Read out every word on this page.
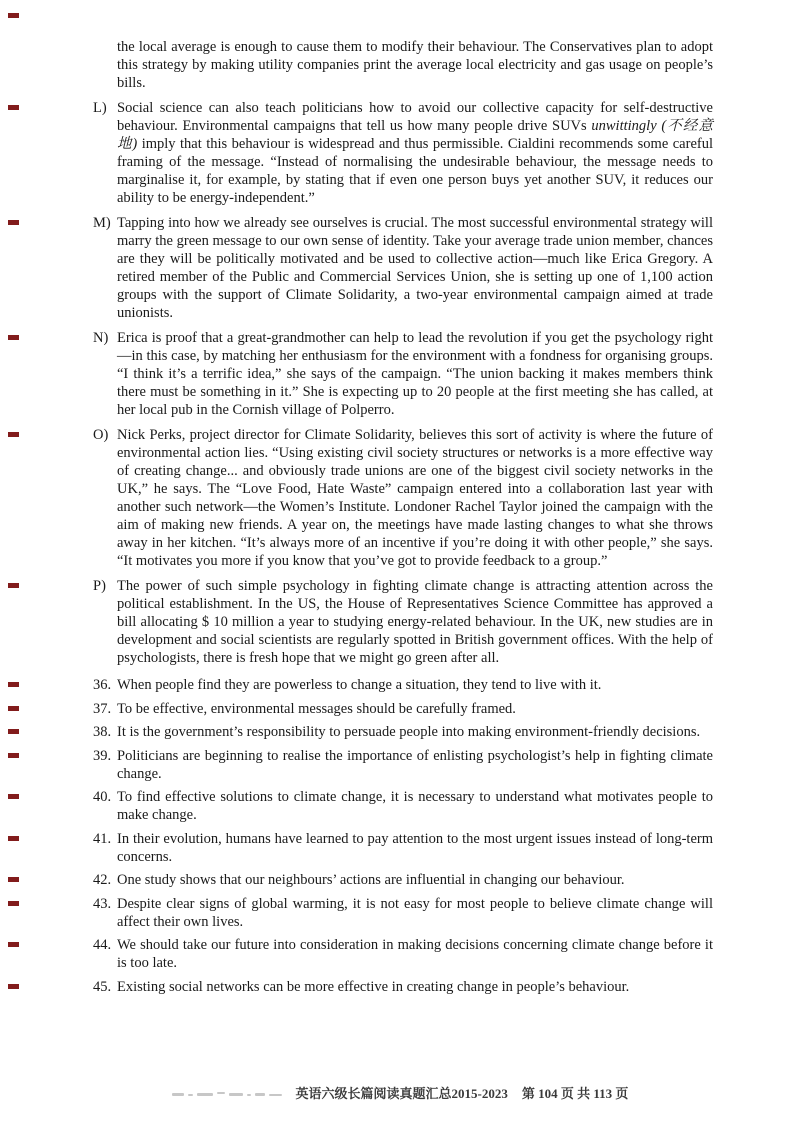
the local average is enough to cause them to modify their behaviour. The Conservatives plan to adopt this strategy by making utility companies print the average local electricity and gas usage on people’s bills.
L) Social science can also teach politicians how to avoid our collective capacity for self-destructive behaviour. Environmental campaigns that tell us how many people drive SUVs unwittingly (不经意地) imply that this behaviour is widespread and thus permissible. Cialdini recommends some careful framing of the message. “Instead of normalising the undesirable behaviour, the message needs to marginalise it, for example, by stating that if even one person buys yet another SUV, it reduces our ability to be energy-independent.”
M) Tapping into how we already see ourselves is crucial. The most successful environmental strategy will marry the green message to our own sense of identity. Take your average trade union member, chances are they will be politically motivated and be used to collective action—much like Erica Gregory. A retired member of the Public and Commercial Services Union, she is setting up one of 1,100 action groups with the support of Climate Solidarity, a two-year environmental campaign aimed at trade unionists.
N) Erica is proof that a great-grandmother can help to lead the revolution if you get the psychology right—in this case, by matching her enthusiasm for the environment with a fondness for organising groups. “I think it’s a terrific idea,” she says of the campaign. “The union backing it makes members think there must be something in it.” She is expecting up to 20 people at the first meeting she has called, at her local pub in the Cornish village of Polperro.
O) Nick Perks, project director for Climate Solidarity, believes this sort of activity is where the future of environmental action lies. “Using existing civil society structures or networks is a more effective way of creating change... and obviously trade unions are one of the biggest civil society networks in the UK,” he says. The “Love Food, Hate Waste” campaign entered into a collaboration last year with another such network—the Women’s Institute. Londoner Rachel Taylor joined the campaign with the aim of making new friends. A year on, the meetings have made lasting changes to what she throws away in her kitchen. “It’s always more of an incentive if you’re doing it with other people,” she says. “It motivates you more if you know that you’ve got to provide feedback to a group.”
P) The power of such simple psychology in fighting climate change is attracting attention across the political establishment. In the US, the House of Representatives Science Committee has approved a bill allocating $ 10 million a year to studying energy-related behaviour. In the UK, new studies are in development and social scientists are regularly spotted in British government offices. With the help of psychologists, there is fresh hope that we might go green after all.
36. When people find they are powerless to change a situation, they tend to live with it.
37. To be effective, environmental messages should be carefully framed.
38. It is the government’s responsibility to persuade people into making environment-friendly decisions.
39. Politicians are beginning to realise the importance of enlisting psychologist’s help in fighting climate change.
40. To find effective solutions to climate change, it is necessary to understand what motivates people to make change.
41. In their evolution, humans have learned to pay attention to the most urgent issues instead of long-term concerns.
42. One study shows that our neighbours’ actions are influential in changing our behaviour.
43. Despite clear signs of global warming, it is not easy for most people to believe climate change will affect their own lives.
44. We should take our future into consideration in making decisions concerning climate change before it is too late.
45. Existing social networks can be more effective in creating change in people’s behaviour.
英语六级长篇阅读真题汇总2015-2023 第 104 页 共 113 页
